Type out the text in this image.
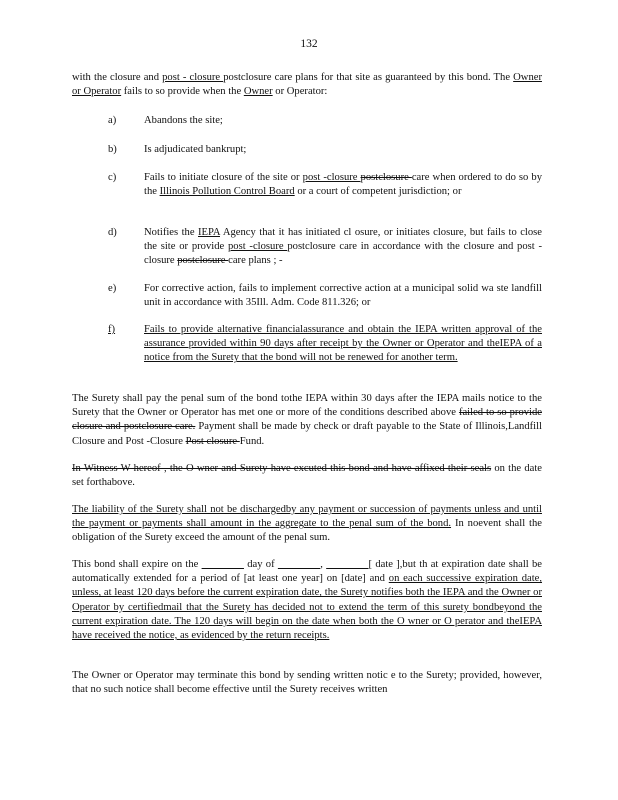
132

with the closure and post - closure postclosure care plans for that site as guaranteed by this bond. The Owner or Operator fails to so provide when the Owner or Operator:

a)	Abandons the site;
b)	Is adjudicated bankrupt;
c)	Fails to initiate closure of the site or post -closure postclosure care when ordered to do so by the Illinois Pollution Control Board or a court of competent jurisdiction; or
d)	Notifies the IEPA Agency that it has initiated cl osure, or initiates closure, but fails to close the site or provide post -closure postclosure care in accordance with the closure and post - closure postclosure care plans ; -
e)	For corrective action, fails to implement corrective action at a municipal solid wa ste landfill unit in accordance with 35Ill. Adm. Code 811.326; or
f)	Fails to provide alternative financialassurance and obtain the IEPA written approval of the assurance provided within 90 days after receipt by the Owner or Operator and theIEPA of a notice from the Surety that the bond will not be renewed for another term.

The Surety shall pay the penal sum of the bond tothe IEPA within 30 days after the IEPA mails notice to the Surety that the Owner or Operator has met one or more of the conditions described above failed to so provide closure and postclosure care. Payment shall be made by check or draft payable to the State of Illinois,Landfill Closure and Post -Closure Post closure Fund.

In Witness W hereof , the O wner and Surety have excuted this bond and have affixed their seals on the date set forthabove.

The liability of the Surety shall not be dischargedby any payment or succession of payments unless and until the payment or payments shall amount in the aggregate to the penal sum of the bond. In noevent shall the obligation of the Surety exceed the amount of the penal sum.

This bond shall expire on the	day of	,	[ date ],but th at expiration date shall be automatically extended for a period of [at least one year] on [date] and on each successive expiration date, unless, at least 120 days before the current expiration date, the Surety notifies both the IEPA and the Owner or Operator by certifiedmail that the Surety has decided not to extend the term of this surety bondbeyond the current expiration date. The 120 days will begin on the date when both the O wner or O perator and theIEPA have received the notice, as evidenced by the return receipts.

The Owner or Operator may terminate this bond by sending written notic e to the Surety; provided, however, that no such notice shall become effective until the Surety receives written
